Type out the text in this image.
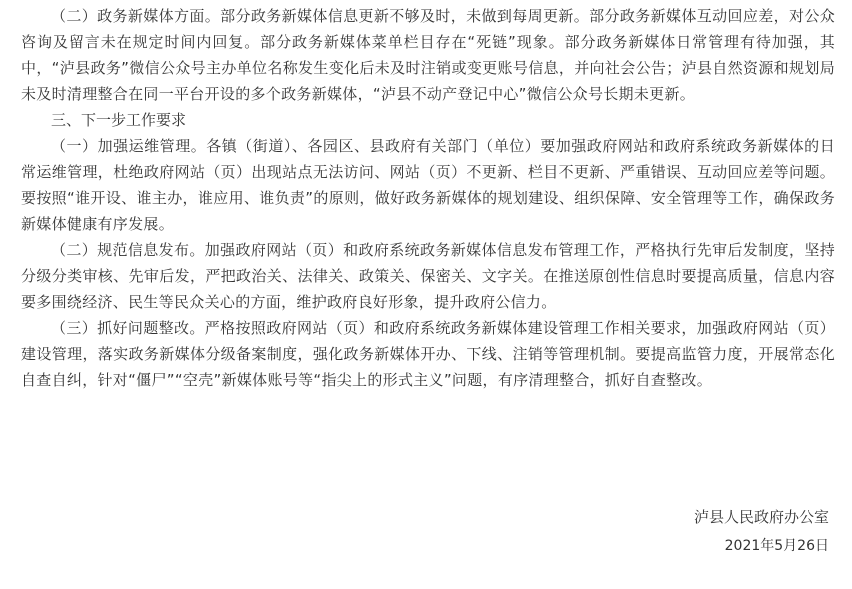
（二）政务新媒体方面。部分政务新媒体信息更新不够及时，未做到每周更新。部分政务新媒体互动回应差，对公众咨询及留言未在规定时间内回复。部分政务新媒体菜单栏目存在“死链”现象。部分政务新媒体日常管理有待加强，其中，“泸县政务”微信公众号主办单位名称发生变化后未及时注销或变更账号信息，并向社会公告；泸县自然资源和规划局未及时清理整合在同一平台开设的多个政务新媒体，“泸县不动产登记中心”微信公众号长期未更新。

三、下一步工作要求

（一）加强运维管理。各镇（街道）、各园区、县政府有关部门（单位）要加强政府网站和政府系统政务新媒体的日常运维管理，杜绝政府网站（页）出现站点无法访问、网站（页）不更新、栏目不更新、严重错误、互动回应差等问题。要按照“谁开设、谁主办，谁应用、谁负责”的原则，做好政务新媒体的规划建设、组织保障、安全管理等工作，确保政务新媒体健康有序发展。

（二）规范信息发布。加强政府网站（页）和政府系统政务新媒体信息发布管理工作，严格执行先审后发制度，坚持分级分类审核、先审后发，严把政治关、法律关、政策关、保密关、文字关。在推送原创性信息时要提高质量，信息内容要多围绕经济、民生等民众关心的方面，维护政府良好形象，提升政府公信力。

（三）抓好问题整改。严格按照政府网站（页）和政府系统政务新媒体建设管理工作相关要求，加强政府网站（页）建设管理，落实政务新媒体分级备案制度，强化政务新媒体开办、下线、注销等管理机制。要提高监管力度，开展常态化自查自纠，针对“僵尸”“空壳”新媒体账号等“指尖上的形式主义”问题，有序清理整合，抓好自查整改。

泸县人民政府办公室
2021年5月26日
